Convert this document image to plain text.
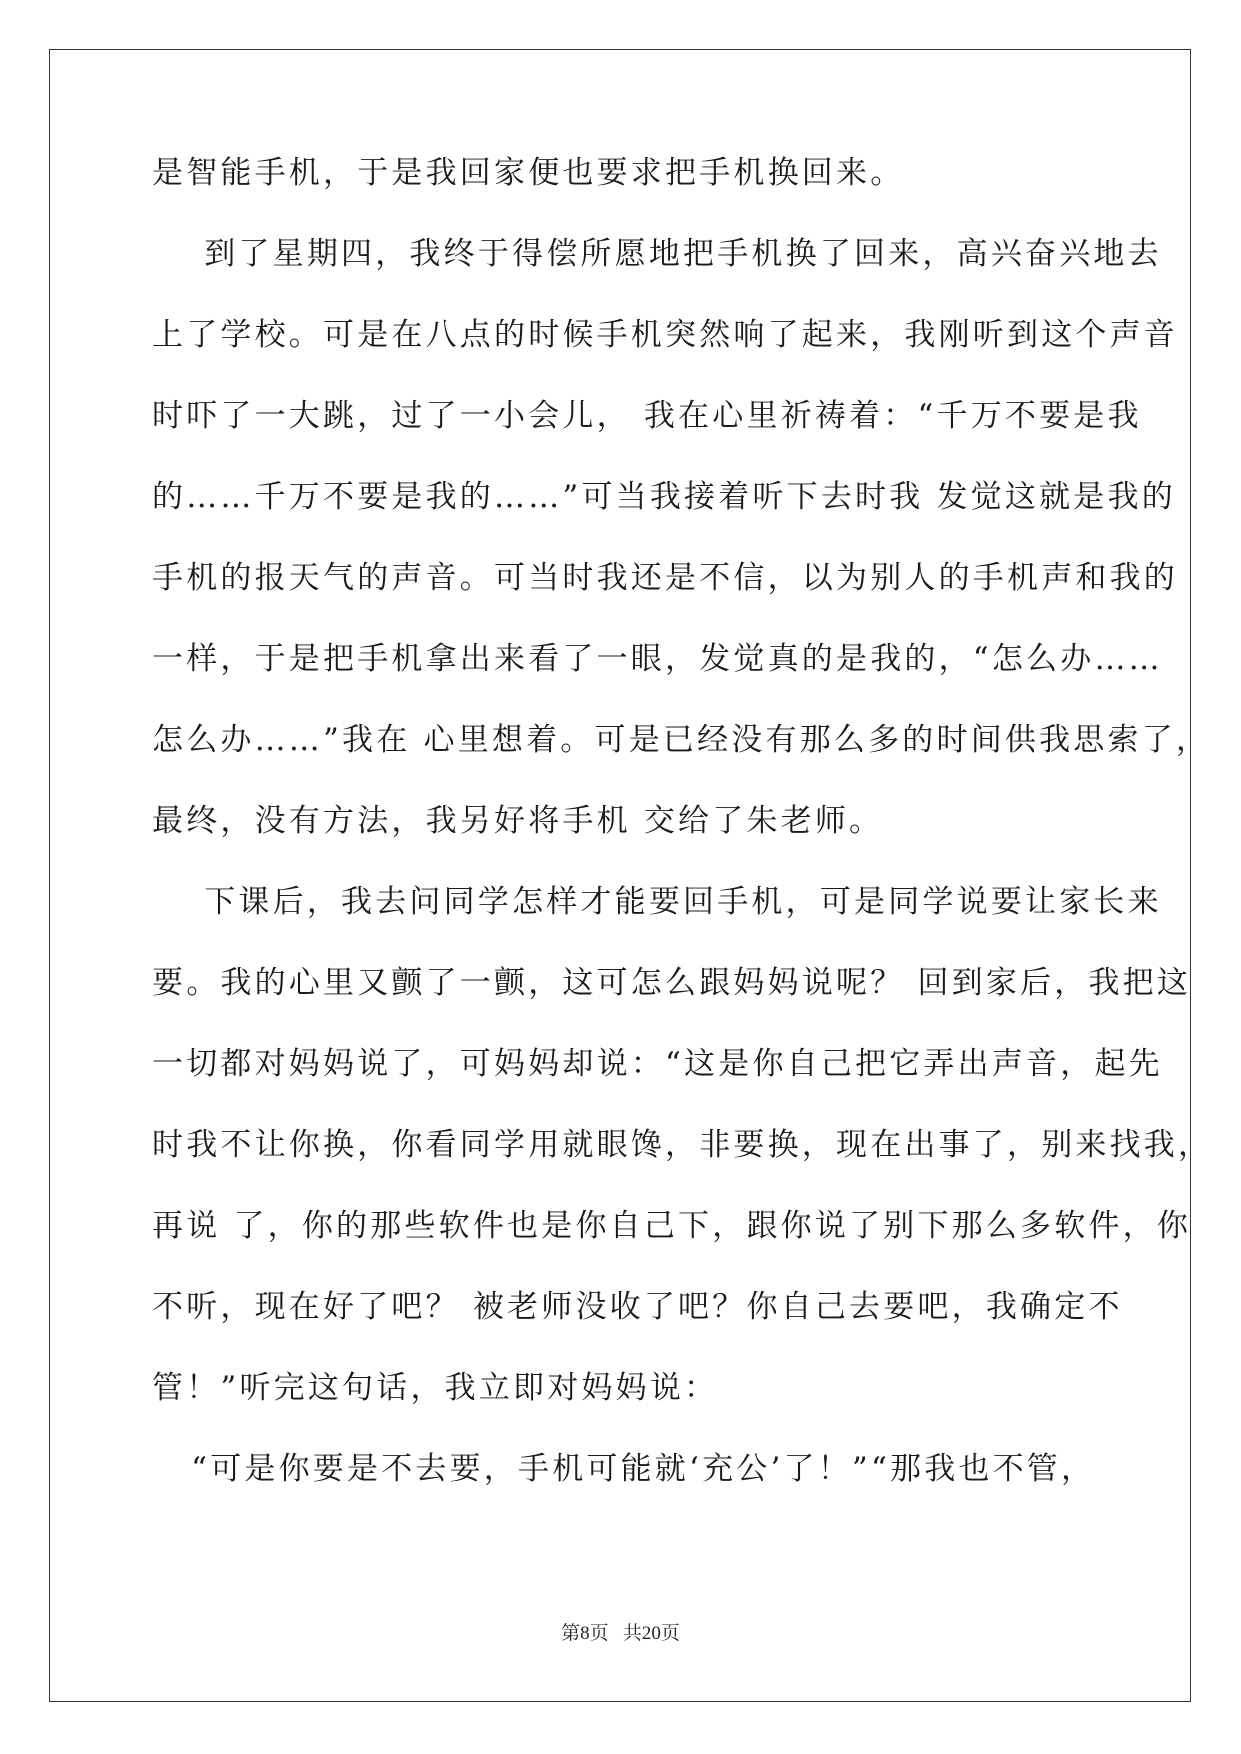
是智能手机，于是我回家便也要求把手机换回来。
到了星期四，我终于得偿所愿地把手机换了回来，高兴奋兴地去
上了学校。可是在八点的时候手机突然响了起来，我刚听到这个声音
时吓了一大跳，过了一小会儿， 我在心里祈祷着：“千万不要是我
的……千万不要是我的……”可当我接着听下去时我 发觉这就是我的
手机的报天气的声音。可当时我还是不信，以为别人的手机声和我的
一样，于是把手机拿出来看了一眼，发觉真的是我的，“怎么办……
怎么办……”我在 心里想着。可是已经没有那么多的时间供我思索了，
最终，没有方法，我另好将手机 交给了朱老师。
下课后，我去问同学怎样才能要回手机，可是同学说要让家长来
要。我的心里又颤了一颤，这可怎么跟妈妈说呢？ 回到家后，我把这
一切都对妈妈说了，可妈妈却说：“这是你自己把它弄出声音，起先
时我不让你换，你看同学用就眼馋，非要换，现在出事了，别来找我，
再说 了，你的那些软件也是你自己下，跟你说了别下那么多软件，你
不听，现在好了吧？ 被老师没收了吧？你自己去要吧，我确定不
管！”听完这句话，我立即对妈妈说：
“可是你要是不去要，手机可能就‘充公’了！”“那我也不管，
第8页 共20页
